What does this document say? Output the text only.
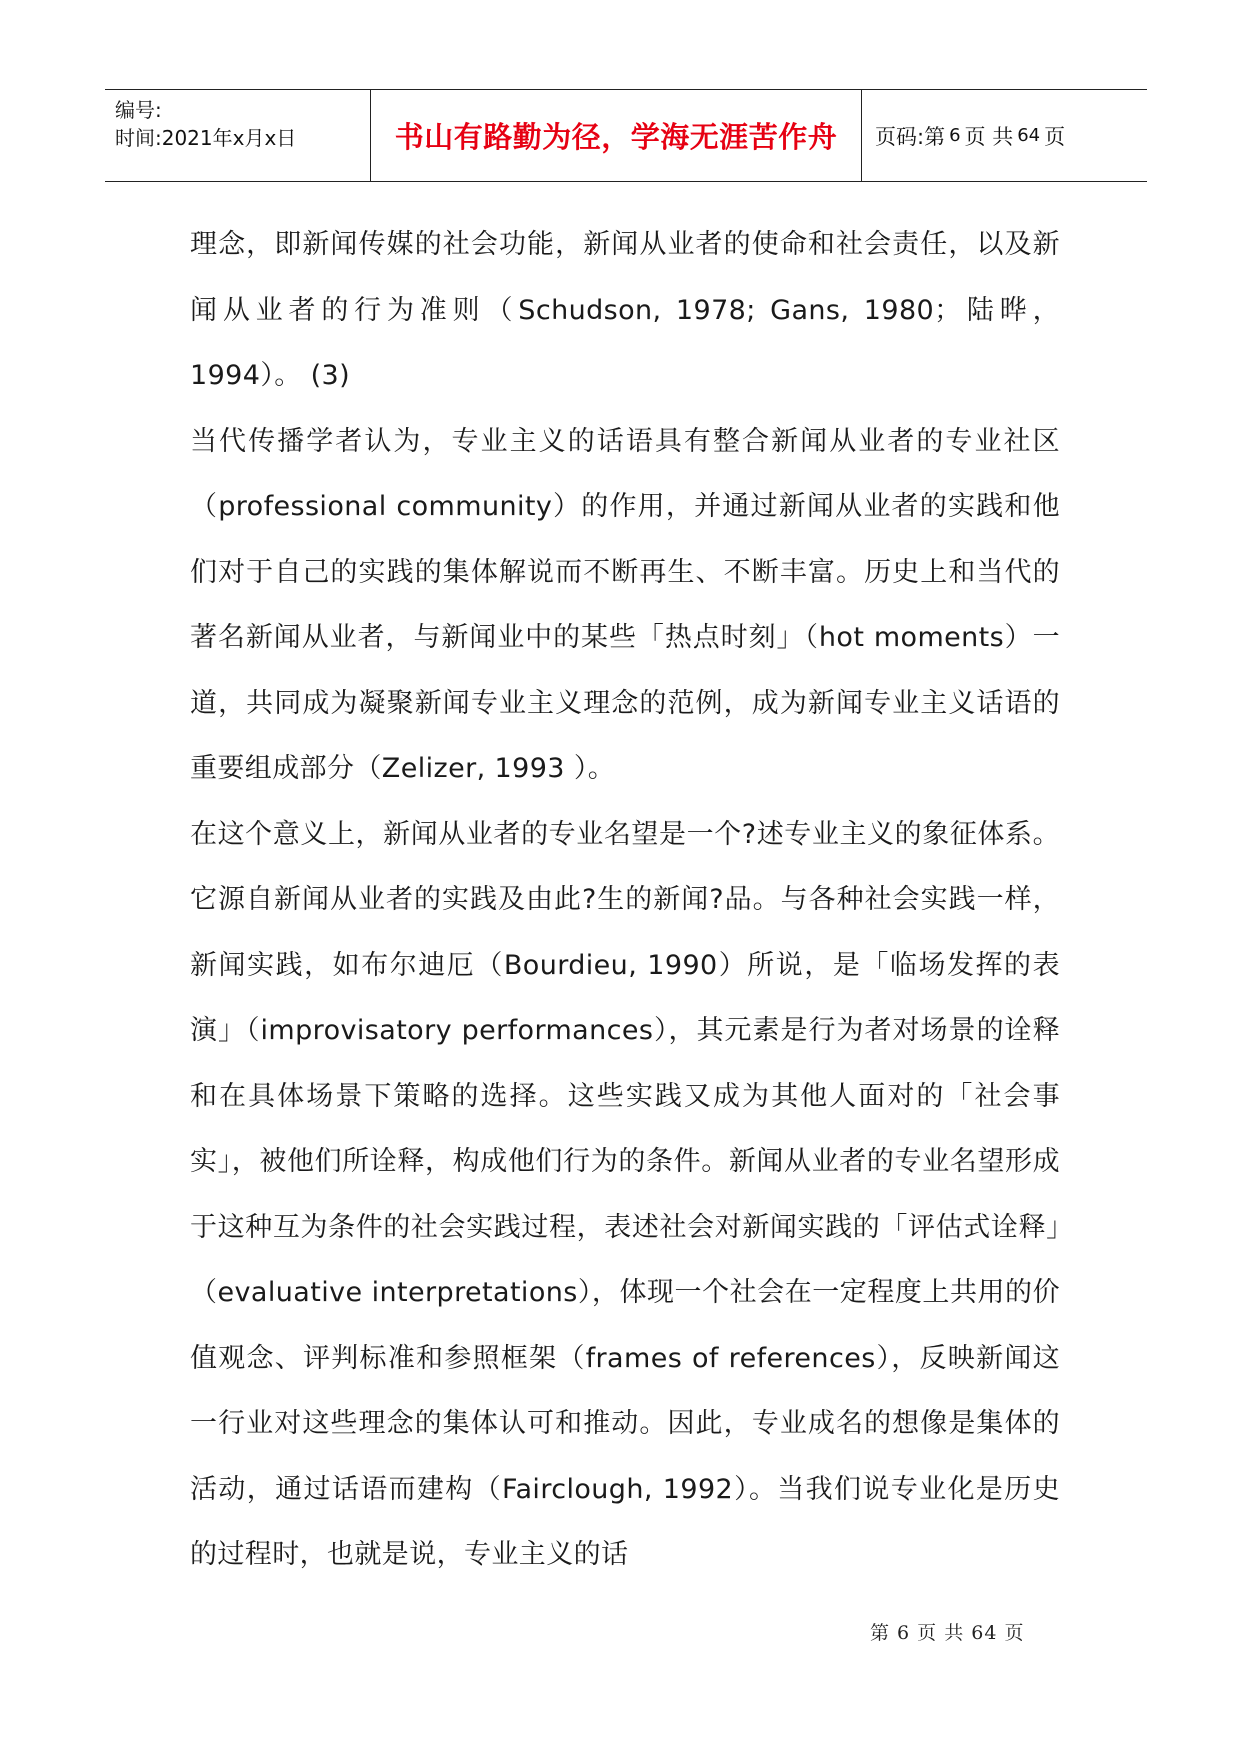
编号:
时间:2021年x月x日	书山有路勤为径，学海无涯苦作舟	页码:第 6 页 共 64 页

理念，即新闻传媒的社会功能，新闻从业者的使命和社会责任，以及新闻从业者的行为准则（Schudson, 1978; Gans, 1980；陆晔，1994）。 (3)

当代传播学者认为，专业主义的话语具有整合新闻从业者的专业社区（professional community）的作用，并通过新闻从业者的实践和他们对于自己的实践的集体解说而不断再生、不断丰富。历史上和当代的著名新闻从业者，与新闻业中的某些「热点时刻」（hot moments）一道，共同成为凝聚新闻专业主义理念的范例，成为新闻专业主义话语的重要组成部分（Zelizer, 1993 ）。

在这个意义上，新闻从业者的专业名望是一个?述专业主义的象征体系。它源自新闻从业者的实践及由此?生的新闻?品。与各种社会实践一样，新闻实践，如布尔迪厄（Bourdieu, 1990）所说，是「临场发挥的表演」（improvisatory performances），其元素是行为者对场景的诠释和在具体场景下策略的选择。这些实践又成为其他人面对的「社会事实」，被他们所诠释，构成他们行为的条件。新闻从业者的专业名望形成于这种互为条件的社会实践过程，表述社会对新闻实践的「评估式诠释」（evaluative interpretations），体现一个社会在一定程度上共用的价值观念、评判标准和参照框架（frames of references），反映新闻这一行业对这些理念的集体认可和推动。因此，专业成名的想像是集体的活动，通过话语而建构（Fairclough, 1992）。当我们说专业化是历史的过程时，也就是说，专业主义的话

第 6 页 共 64 页
